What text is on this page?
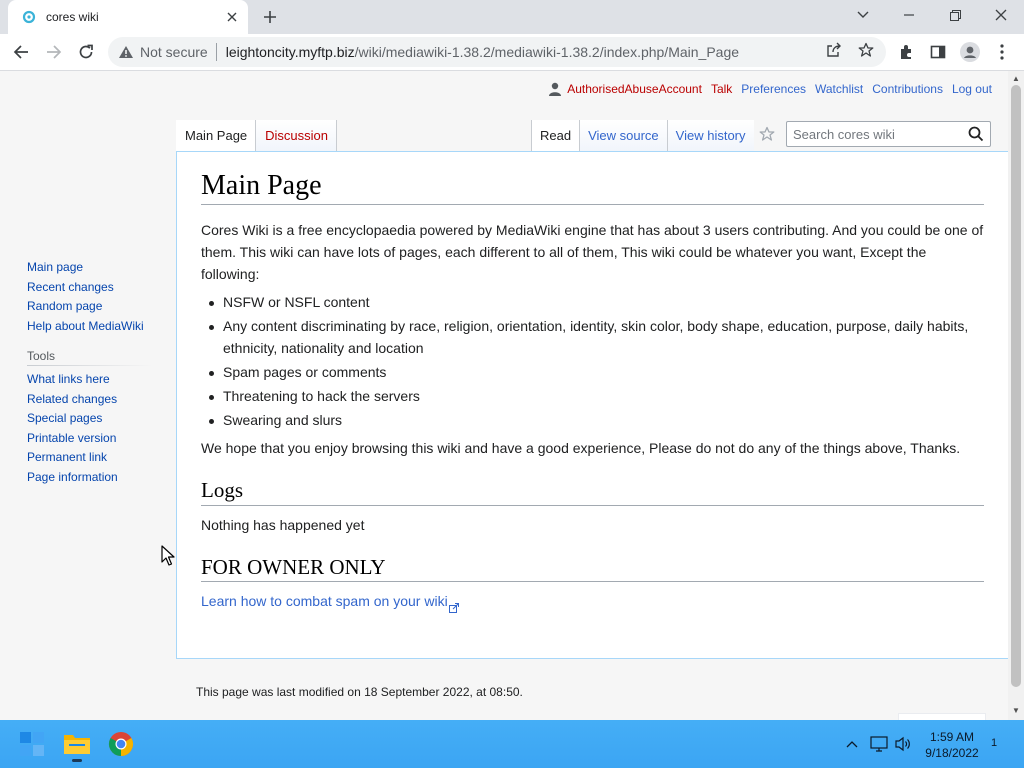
cores wiki
Not secure leightoncity.myftp.biz /wiki/mediawiki-1.38.2/mediawiki-1.38.2/index.php/Main_Page
AuthorisedAbuseAccount Talk Preferences Watchlist Contributions Log out
Main Page	Discussion	Read	View source	View history	Search cores wiki
Main page
Recent changes
Random page
Help about MediaWiki
Tools
What links here
Related changes
Special pages
Printable version
Permanent link
Page information
Main Page

Cores Wiki is a free encyclopaedia powered by MediaWiki engine that has about 3 users contributing. And you could be one of them. This wiki can have lots of pages, each different to all of them, This wiki could be whatever you want, Except the following:

NSFW or NSFL content
Any content discriminating by race, religion, orientation, identity, skin color, body shape, education, purpose, daily habits, ethnicity, nationality and location
Spam pages or comments
Threatening to hack the servers
Swearing and slurs

We hope that you enjoy browsing this wiki and have a good experience, Please do not do any of the things above, Thanks.

Logs

Nothing has happened yet

FOR OWNER ONLY

Learn how to combat spam on your wiki

This page was last modified on 18 September 2022, at 08:50.
▲
▼
1:59 AM
9/18/2022
1
